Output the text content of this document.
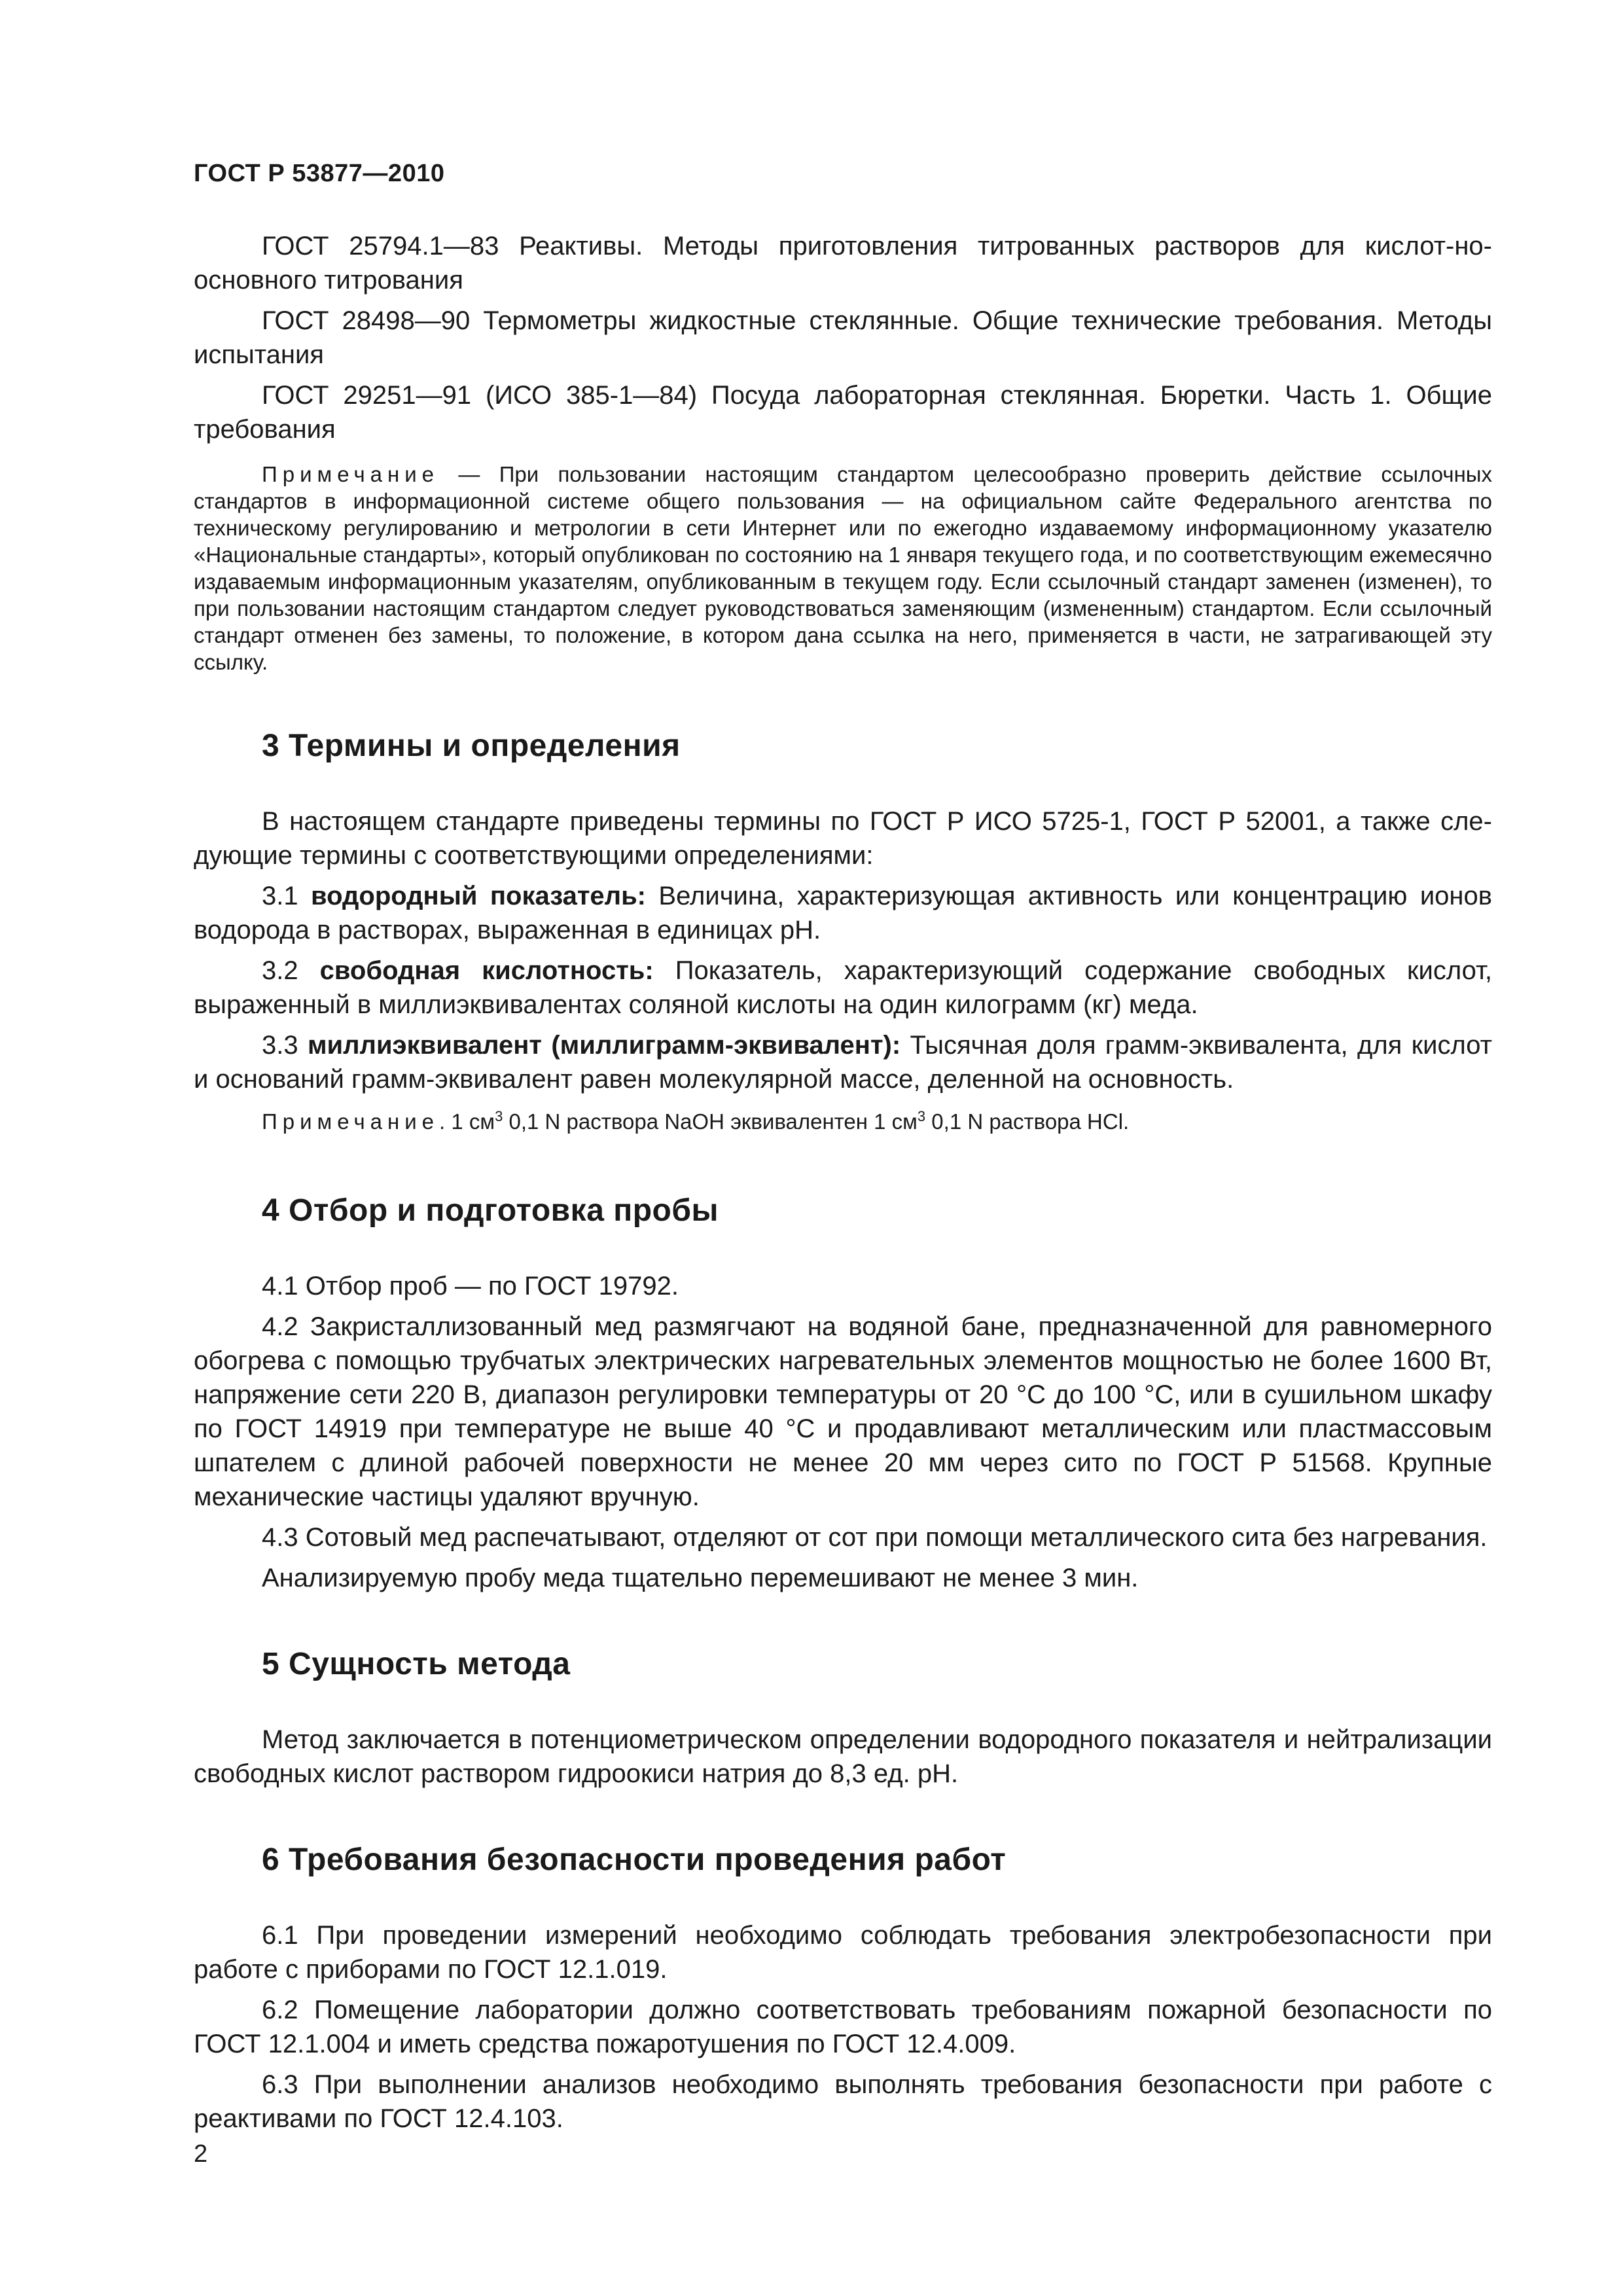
ГОСТ Р 53877—2010

ГОСТ 25794.1—83 Реактивы. Методы приготовления титрованных растворов для кислот-но-основного титрования

ГОСТ 28498—90 Термометры жидкостные стеклянные. Общие технические требования. Методы испытания

ГОСТ 29251—91 (ИСО 385-1—84) Посуда лабораторная стеклянная. Бюретки. Часть 1. Общие требования

Примечание — При пользовании настоящим стандартом целесообразно проверить действие ссылочных стандартов в информационной системе общего пользования — на официальном сайте Федерального агентства по техническому регулированию и метрологии в сети Интернет или по ежегодно издаваемому информационному указателю «Национальные стандарты», который опубликован по состоянию на 1 января текущего года, и по соответствующим ежемесячно издаваемым информационным указателям, опубликованным в текущем году. Если ссылочный стандарт заменен (изменен), то при пользовании настоящим стандартом следует руководствоваться заменяющим (измененным) стандартом. Если ссылочный стандарт отменен без замены, то положение, в котором дана ссылка на него, применяется в части, не затрагивающей эту ссылку.

3 Термины и определения

В настоящем стандарте приведены термины по ГОСТ Р ИСО 5725-1, ГОСТ Р 52001, а также следующие термины с соответствующими определениями:

3.1 водородный показатель: Величина, характеризующая активность или концентрацию ионов водорода в растворах, выраженная в единицах pH.

3.2 свободная кислотность: Показатель, характеризующий содержание свободных кислот, выраженный в миллиэквивалентах соляной кислоты на один килограмм (кг) меда.

3.3 миллиэквивалент (миллиграмм-эквивалент): Тысячная доля грамм-эквивалента, для кислот и оснований грамм-эквивалент равен молекулярной массе, деленной на основность.

Примечание. 1 $см^3$ 0,1 N раствора NaOH эквивалентен 1 $см^3$ 0,1 N раствора HCl.

4 Отбор и подготовка пробы

4.1 Отбор проб — по ГОСТ 19792.

4.2 Закристаллизованный мед размягчают на водяной бане, предназначенной для равномерного обогрева с помощью трубчатых электрических нагревательных элементов мощностью не более 1600 Вт, напряжение сети 220 В, диапазон регулировки температуры от 20 °С до 100 °С, или в сушильном шкафу по ГОСТ 14919 при температуре не выше 40 °С и продавливают металлическим или пластмассовым шпателем с длиной рабочей поверхности не менее 20 мм через сито по ГОСТ Р 51568. Крупные механические частицы удаляют вручную.

4.3 Сотовый мед распечатывают, отделяют от сот при помощи металлического сита без нагревания.

Анализируемую пробу меда тщательно перемешивают не менее 3 мин.

5 Сущность метода

Метод заключается в потенциометрическом определении водородного показателя и нейтрализации свободных кислот раствором гидроокиси натрия до 8,3 ед. pH.

6 Требования безопасности проведения работ

6.1 При проведении измерений необходимо соблюдать требования электробезопасности при работе с приборами по ГОСТ 12.1.019.

6.2 Помещение лаборатории должно соответствовать требованиям пожарной безопасности по ГОСТ 12.1.004 и иметь средства пожаротушения по ГОСТ 12.4.009.

6.3 При выполнении анализов необходимо выполнять требования безопасности при работе с реактивами по ГОСТ 12.4.103.

2
